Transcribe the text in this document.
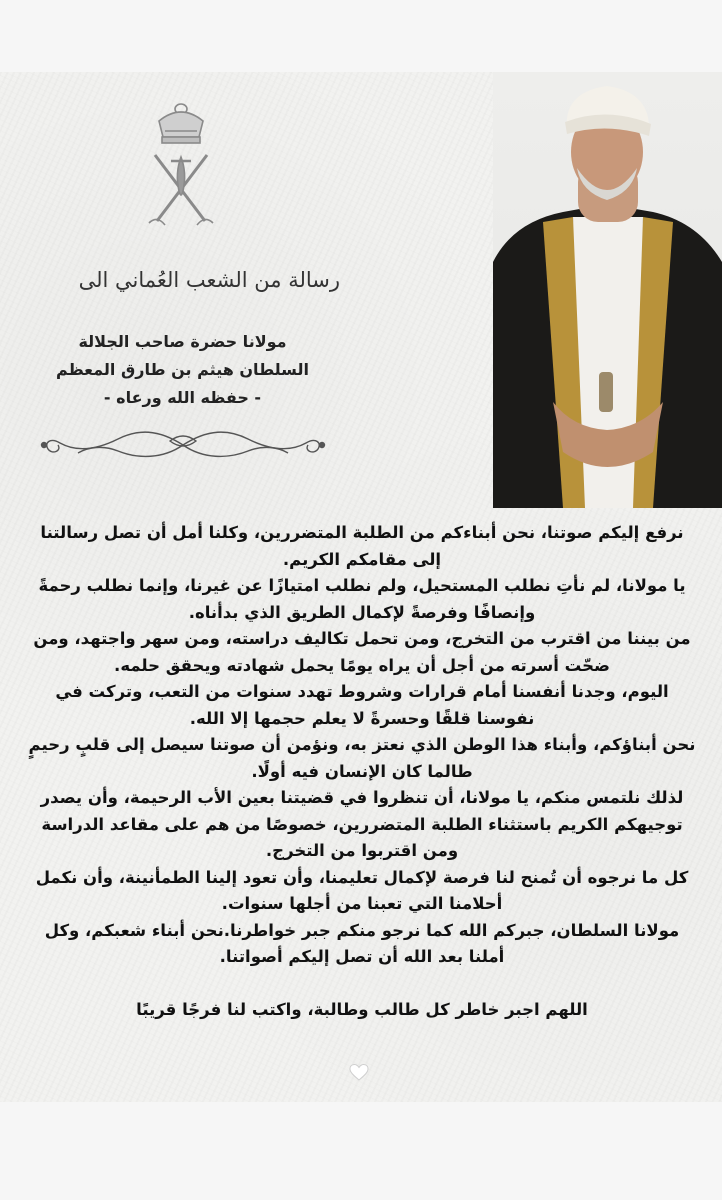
رسالة من الشعب العُماني الى
مولانا حضرة صاحب الجلالة
السلطان هيثم بن طارق المعظم
- حفظه الله ورعاه -

نرفع إليكم صوتنا، نحن أبناءكم من الطلبة المتضررين، وكلنا أمل أن تصل رسالتنا إلى مقامكم الكريم.

يا مولانا، لم نأتِ نطلب المستحيل، ولم نطلب امتيازًا عن غيرنا، وإنما نطلب رحمةً وإنصافًا وفرصةً لإكمال الطريق الذي بدأناه.

من بيننا من اقترب من التخرج، ومن تحمل تكاليف دراسته، ومن سهر واجتهد، ومن ضحّت أسرته من أجل أن يراه يومًا يحمل شهادته ويحقق حلمه.

اليوم، وجدنا أنفسنا أمام قرارات وشروط تهدد سنوات من التعب، وتركت في نفوسنا قلقًا وحسرةً لا يعلم حجمها إلا الله.

نحن أبناؤكم، وأبناء هذا الوطن الذي نعتز به، ونؤمن أن صوتنا سيصل إلى قلبٍ رحيمٍ طالما كان الإنسان فيه أولًا.

لذلك نلتمس منكم، يا مولانا، أن تنظروا في قضيتنا بعين الأب الرحيمة، وأن يصدر توجيهكم الكريم باستثناء الطلبة المتضررين، خصوصًا من هم على مقاعد الدراسة ومن اقتربوا من التخرج.

كل ما نرجوه أن تُمنح لنا فرصة لإكمال تعليمنا، وأن تعود إلينا الطمأنينة، وأن نكمل أحلامنا التي تعبنا من أجلها سنوات.

مولانا السلطان، جبركم الله كما نرجو منكم جبر خواطرنا.نحن أبناء شعبكم، وكل أملنا بعد الله أن تصل إليكم أصواتنا.

اللهم اجبر خاطر كل طالب وطالبة، واكتب لنا فرجًا قريبًا
